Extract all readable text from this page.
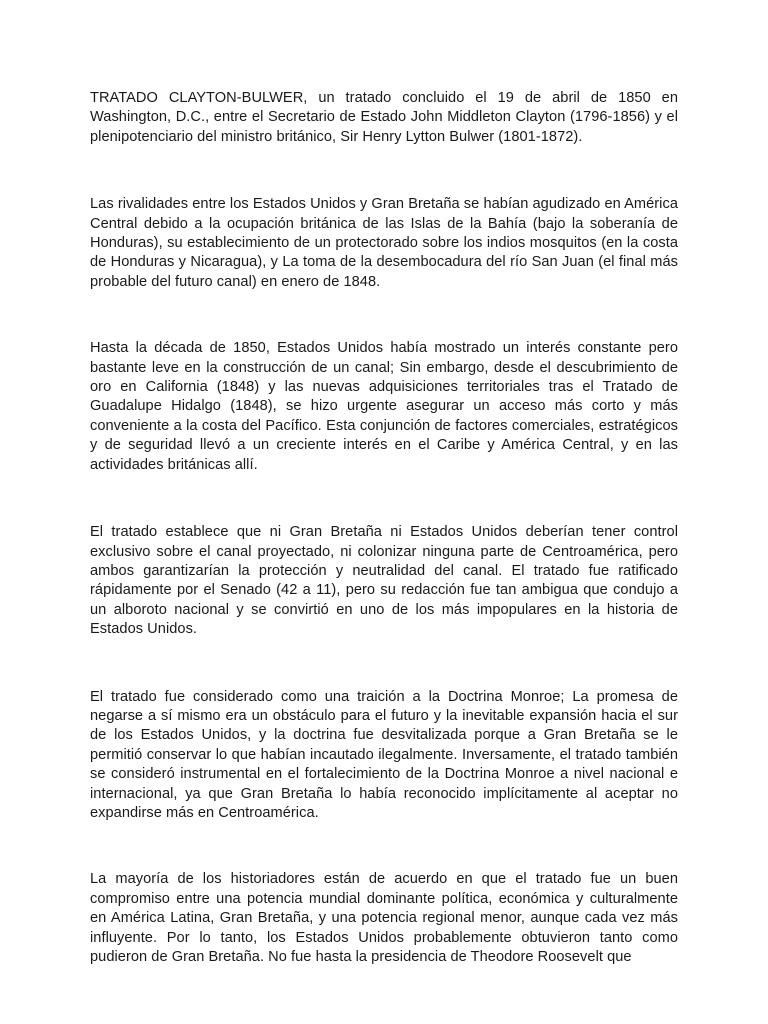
TRATADO CLAYTON-BULWER, un tratado concluido el 19 de abril de 1850 en Washington, D.C., entre el Secretario de Estado John Middleton Clayton (1796-1856) y el plenipotenciario del ministro británico, Sir Henry Lytton Bulwer (1801-1872).

Las rivalidades entre los Estados Unidos y Gran Bretaña se habían agudizado en América Central debido a la ocupación británica de las Islas de la Bahía (bajo la soberanía de Honduras), su establecimiento de un protectorado sobre los indios mosquitos (en la costa de Honduras y Nicaragua), y La toma de la desembocadura del río San Juan (el final más probable del futuro canal) en enero de 1848.

Hasta la década de 1850, Estados Unidos había mostrado un interés constante pero bastante leve en la construcción de un canal; Sin embargo, desde el descubrimiento de oro en California (1848) y las nuevas adquisiciones territoriales tras el Tratado de Guadalupe Hidalgo (1848), se hizo urgente asegurar un acceso más corto y más conveniente a la costa del Pacífico. Esta conjunción de factores comerciales, estratégicos y de seguridad llevó a un creciente interés en el Caribe y América Central, y en las actividades británicas allí.

El tratado establece que ni Gran Bretaña ni Estados Unidos deberían tener control exclusivo sobre el canal proyectado, ni colonizar ninguna parte de Centroamérica, pero ambos garantizarían la protección y neutralidad del canal. El tratado fue ratificado rápidamente por el Senado (42 a 11), pero su redacción fue tan ambigua que condujo a un alboroto nacional y se convirtió en uno de los más impopulares en la historia de Estados Unidos.

El tratado fue considerado como una traición a la Doctrina Monroe; La promesa de negarse a sí mismo era un obstáculo para el futuro y la inevitable expansión hacia el sur de los Estados Unidos, y la doctrina fue desvitalizada porque a Gran Bretaña se le permitió conservar lo que habían incautado ilegalmente. Inversamente, el tratado también se consideró instrumental en el fortalecimiento de la Doctrina Monroe a nivel nacional e internacional, ya que Gran Bretaña lo había reconocido implícitamente al aceptar no expandirse más en Centroamérica.

La mayoría de los historiadores están de acuerdo en que el tratado fue un buen compromiso entre una potencia mundial dominante política, económica y culturalmente en América Latina, Gran Bretaña, y una potencia regional menor, aunque cada vez más influyente. Por lo tanto, los Estados Unidos probablemente obtuvieron tanto como pudieron de Gran Bretaña. No fue hasta la presidencia de Theodore Roosevelt que
